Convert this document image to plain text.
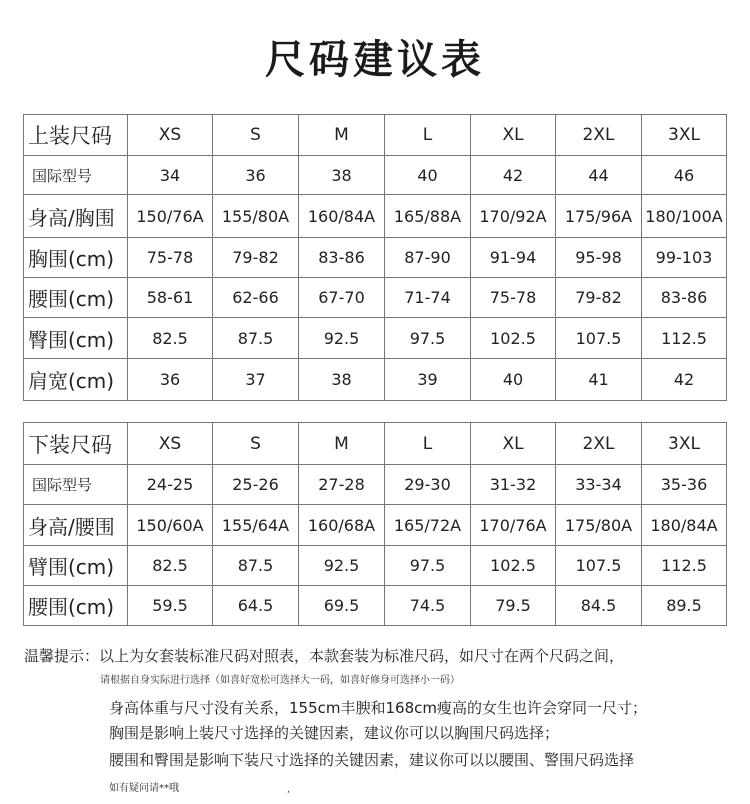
尺码建议表
上装尺码	XS	S	M	L	XL	2XL	3XL
国际型号	34	36	38	40	42	44	46
身高/胸围	150/76A	155/80A	160/84A	165/88A	170/92A	175/96A	180/100A
胸围(cm)	75-78	79-82	83-86	87-90	91-94	95-98	99-103
腰围(cm)	58-61	62-66	67-70	71-74	75-78	79-82	83-86
臀围(cm)	82.5	87.5	92.5	97.5	102.5	107.5	112.5
肩宽(cm)	36	37	38	39	40	41	42
下装尺码	XS	S	M	L	XL	2XL	3XL
国际型号	24-25	25-26	27-28	29-30	31-32	33-34	35-36
身高/腰围	150/60A	155/64A	160/68A	165/72A	170/76A	175/80A	180/84A
臂围(cm)	82.5	87.5	92.5	97.5	102.5	107.5	112.5
腰围(cm)	59.5	64.5	69.5	74.5	79.5	84.5	89.5
温馨提示：以上为女套装标准尺码对照表，本款套装为标准尺码，如尺寸在两个尺码之间，
请根据自身实际进行选择（如喜好宽松可选择大一码，如喜好修身可选择小一码）
身高体重与尺寸没有关系，155cm丰腴和168cm瘦高的女生也许会穿同一尺寸；
胸围是影响上装尺寸选择的关键因素，建议你可以以胸围尺码选择；
腰围和臀围是影响下装尺寸选择的关键因素，建议你可以以腰围、警围尺码选择
如有疑问请**哦	,
